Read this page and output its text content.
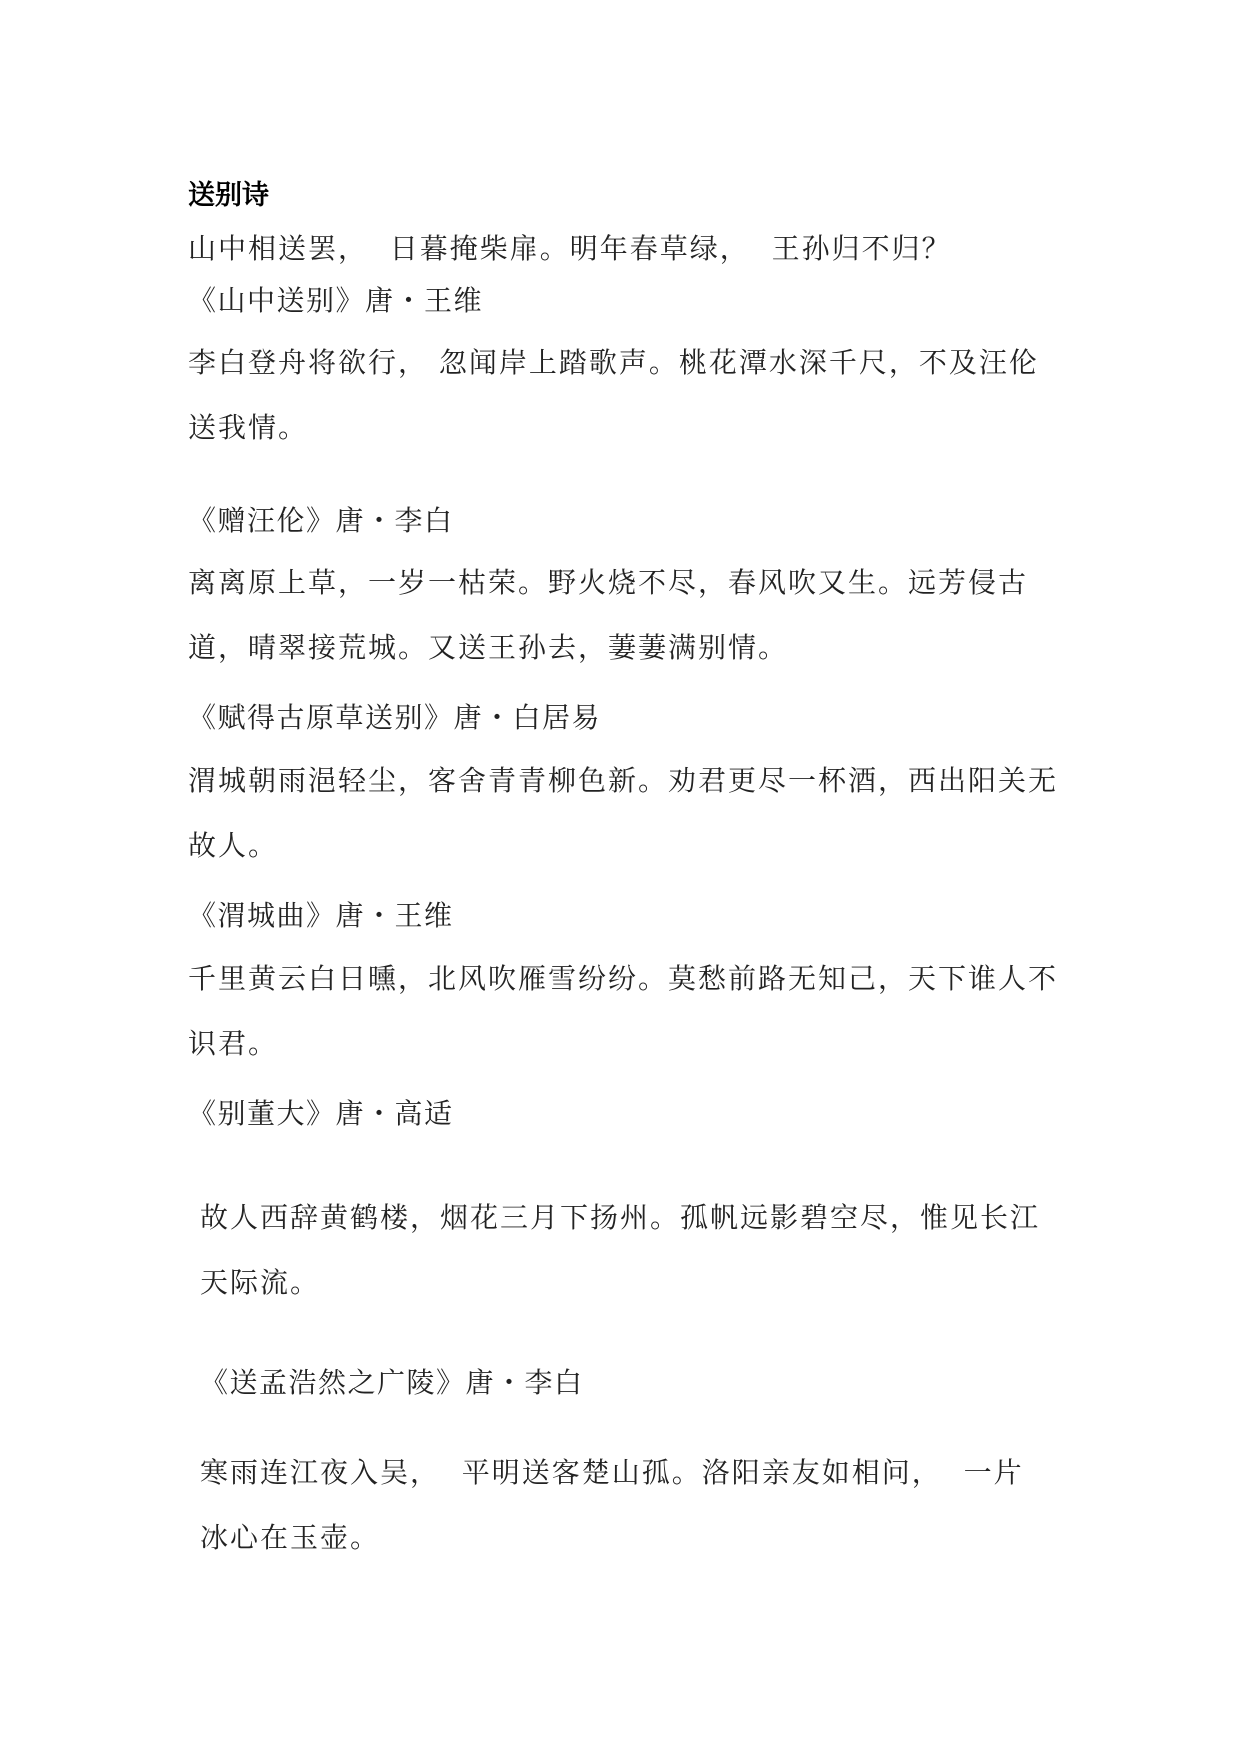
送别诗

山中相送罢，  日暮掩柴扉。明年春草绿，  王孙归不归？

《山中送别》唐・王维

李白登舟将欲行， 忽闻岸上踏歌声。桃花潭水深千尺，不及汪伦送我情。

《赠汪伦》唐・李白

离离原上草，一岁一枯荣。野火烧不尽，春风吹又生。远芳侵古道，晴翠接荒城。又送王孙去，萋萋满别情。

《赋得古原草送别》唐・白居易

渭城朝雨浥轻尘，客舍青青柳色新。劝君更尽一杯酒，西出阳关无故人。

《渭城曲》唐・王维

千里黄云白日曛，北风吹雁雪纷纷。莫愁前路无知己，天下谁人不识君。

《别董大》唐・高适

故人西辞黄鹤楼，烟花三月下扬州。孤帆远影碧空尽，惟见长江天际流。

《送孟浩然之广陵》唐・李白

寒雨连江夜入吴，  平明送客楚山孤。洛阳亲友如相问，  一片冰心在玉壶。
